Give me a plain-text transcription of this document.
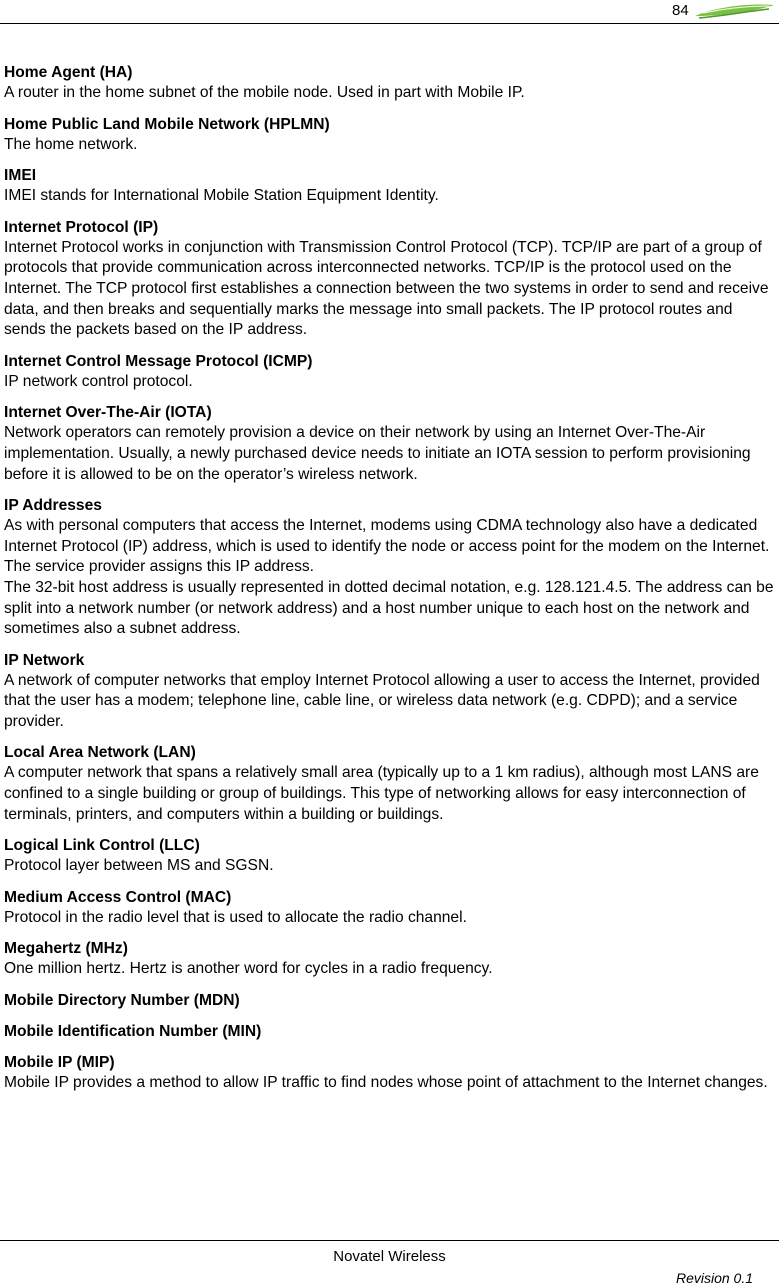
84
Home Agent (HA)

A router in the home subnet of the mobile node. Used in part with Mobile IP.

Home Public Land Mobile Network (HPLMN)

The home network.

IMEI

IMEI stands for International Mobile Station Equipment Identity.

Internet Protocol (IP)

Internet Protocol works in conjunction with Transmission Control Protocol (TCP). TCP/IP are part of a group of protocols that provide communication across interconnected networks. TCP/IP is the protocol used on the Internet. The TCP protocol first establishes a connection between the two systems in order to send and receive data, and then breaks and sequentially marks the message into small packets. The IP protocol routes and sends the packets based on the IP address.

Internet Control Message Protocol (ICMP)

IP network control protocol.

Internet Over-The-Air (IOTA)

Network operators can remotely provision a device on their network by using an Internet Over-The-Air implementation. Usually, a newly purchased device needs to initiate an IOTA session to perform provisioning before it is allowed to be on the operator’s wireless network.

IP Addresses

As with personal computers that access the Internet, modems using CDMA technology also have a dedicated Internet Protocol (IP) address, which is used to identify the node or access point for the modem on the Internet. The service provider assigns this IP address.

The 32-bit host address is usually represented in dotted decimal notation, e.g. 128.121.4.5. The address can be split into a network number (or network address) and a host number unique to each host on the network and sometimes also a subnet address.

IP Network

A network of computer networks that employ Internet Protocol allowing a user to access the Internet, provided that the user has a modem; telephone line, cable line, or wireless data network (e.g. CDPD); and a service provider.

Local Area Network (LAN)

A computer network that spans a relatively small area (typically up to a 1 km radius), although most LANS are confined to a single building or group of buildings. This type of networking allows for easy interconnection of terminals, printers, and computers within a building or buildings.

Logical Link Control (LLC)

Protocol layer between MS and SGSN.

Medium Access Control (MAC)

Protocol in the radio level that is used to allocate the radio channel.

Megahertz (MHz)

One million hertz. Hertz is another word for cycles in a radio frequency.

Mobile Directory Number (MDN)
Mobile Identification Number (MIN)
Mobile IP (MIP)

Mobile IP provides a method to allow IP traffic to find nodes whose point of attachment to the Internet changes.

Novatel Wireless
Revision 0.1
